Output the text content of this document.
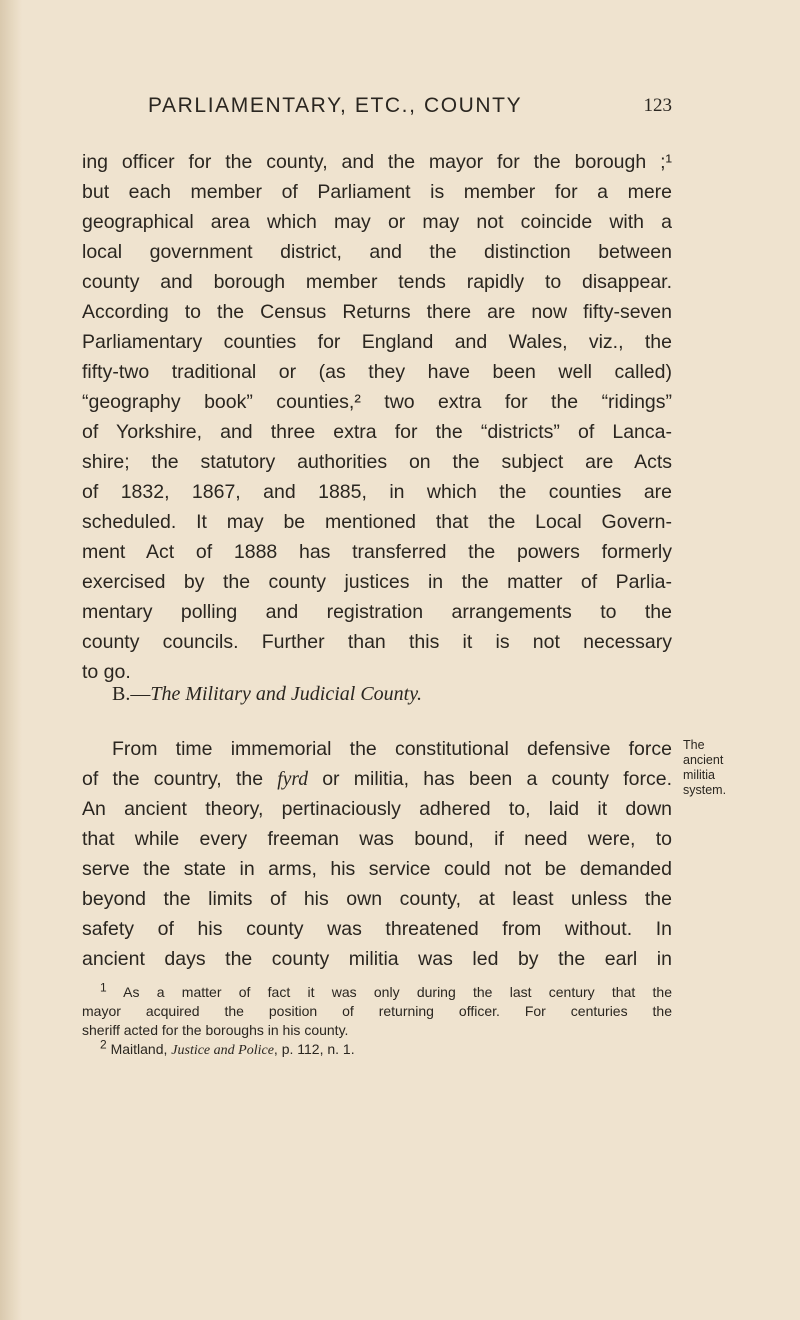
PARLIAMENTARY, ETC., COUNTY	123
ing officer for the county, and the mayor for the borough ;¹
but each member of Parliament is member for a mere
geographical area which may or may not coincide with a
local government district, and the distinction between
county and borough member tends rapidly to disappear.
According to the Census Returns there are now fifty-seven
Parliamentary counties for England and Wales, viz., the
fifty-two traditional or (as they have been well called)
“geography book” counties,² two extra for the “ridings”
of Yorkshire, and three extra for the “districts” of Lanca-
shire; the statutory authorities on the subject are Acts
of 1832, 1867, and 1885, in which the counties are
scheduled. It may be mentioned that the Local Govern-
ment Act of 1888 has transferred the powers formerly
exercised by the county justices in the matter of Parlia-
mentary polling and registration arrangements to the
county councils. Further than this it is not necessary
to go.
B.—The Military and Judicial County.
From time immemorial the constitutional defensive force
of the country, the fyrd or militia, has been a county force.
An ancient theory, pertinaciously adhered to, laid it down
that while every freeman was bound, if need were, to
serve the state in arms, his service could not be demanded
beyond the limits of his own county, at least unless the
safety of his county was threatened from without. In
ancient days the county militia was led by the earl in
The
ancient
militia
system.
1 As a matter of fact it was only during the last century that the
mayor acquired the position of returning officer. For centuries the
sheriff acted for the boroughs in his county.
2 Maitland, Justice and Police, p. 112, n. 1.
